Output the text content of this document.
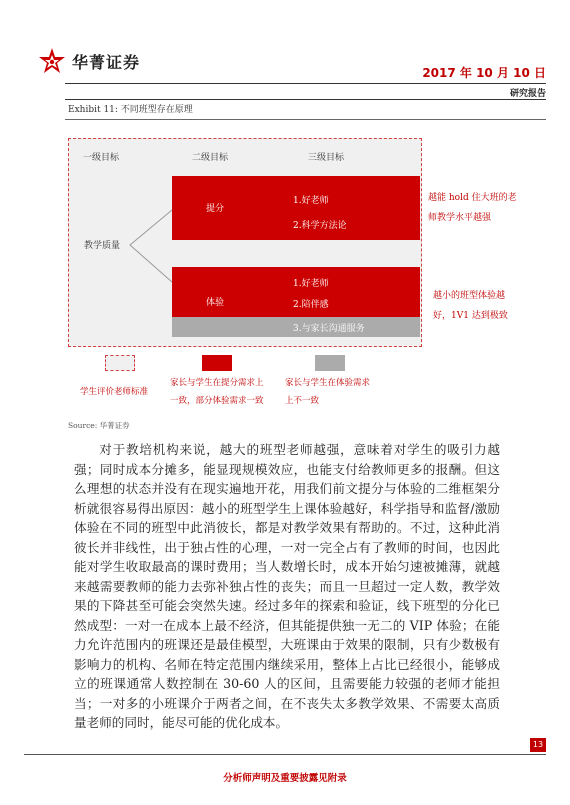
华菁证券
2017 年 10 月 10 日
研究报告
Exhibit 11: 不同班型存在原理
一级目标	二级目标	三级目标
教学质量
提分
1.好老师
2.科学方法论
体验
1.好老师
2.陪伴感
3.与家长沟通服务
越能 hold 住大班的老
师教学水平越强
越小的班型体验越
好，1V1 达到极致
学生评价老师标准
家长与学生在提分需求上
一致，部分体验需求一致
家长与学生在体验需求
上不一致
Source: 华菁证券
对于教培机构来说，越大的班型老师越强，意味着对学生的吸引力越强；同时成本分摊多，能显现规模效应，也能支付给教师更多的报酬。但这么理想的状态并没有在现实遍地开花，用我们前文提分与体验的二维框架分析就很容易得出原因：越小的班型学生上课体验越好，科学指导和监督/激励体验在不同的班型中此消彼长，都是对教学效果有帮助的。不过，这种此消彼长并非线性，出于独占性的心理，一对一完全占有了教师的时间，也因此能对学生收取最高的课时费用；当人数增长时，成本开始匀速被摊薄，就越来越需要教师的能力去弥补独占性的丧失；而且一旦超过一定人数，教学效果的下降甚至可能会突然失速。经过多年的探索和验证，线下班型的分化已然成型：一对一在成本上最不经济，但其能提供独一无二的 VIP 体验；在能力允许范围内的班课还是最佳模型，大班课由于效果的限制，只有少数极有影响力的机构、名师在特定范围内继续采用，整体上占比已经很小，能够成立的班课通常人数控制在 30-60 人的区间，且需要能力较强的老师才能担当；一对多的小班课介于两者之间，在不丧失太多教学效果、不需要太高质量老师的同时，能尽可能的优化成本。
13
分析师声明及重要披露见附录
